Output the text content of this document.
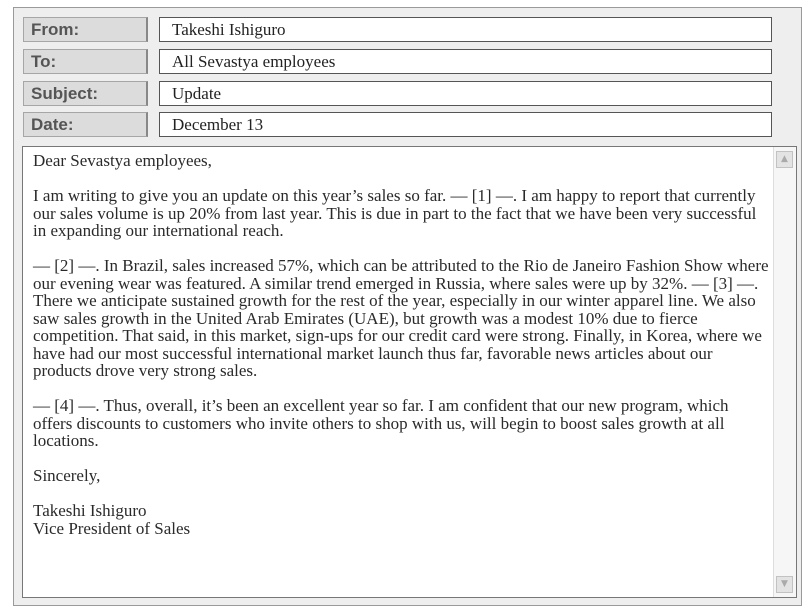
From:	Takeshi Ishiguro
To:	All Sevastya employees
Subject:	Update
Date:	December 13

Dear Sevastya employees,

I am writing to give you an update on this year’s sales so far. — [1] —. I am happy to report that currently our sales volume is up 20% from last year. This is due in part to the fact that we have been very successful in expanding our international reach.

— [2] —. In Brazil, sales increased 57%, which can be attributed to the Rio de Janeiro Fashion Show where our evening wear was featured. A similar trend emerged in Russia, where sales were up by 32%. — [3] —. There we anticipate sustained growth for the rest of the year, especially in our winter apparel line. We also saw sales growth in the United Arab Emirates (UAE), but growth was a modest 10% due to fierce competition. That said, in this market, sign-ups for our credit card were strong. Finally, in Korea, where we have had our most successful international market launch thus far, favorable news articles about our products drove very strong sales.

— [4] —. Thus, overall, it’s been an excellent year so far. I am confident that our new program, which offers discounts to customers who invite others to shop with us, will begin to boost sales growth at all locations.

Sincerely,

Takeshi Ishiguro

Vice President of Sales

▲
▼
